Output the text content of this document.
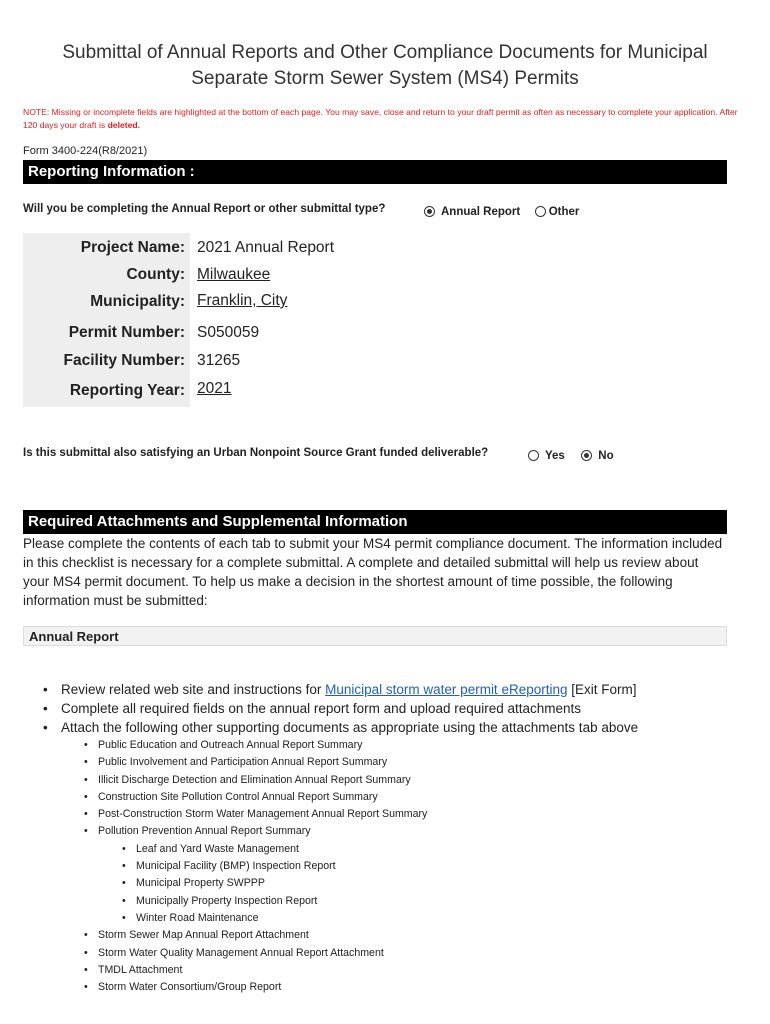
Submittal of Annual Reports and Other Compliance Documents for Municipal
Separate Storm Sewer System (MS4) Permits
NOTE: Missing or incomplete fields are highlighted at the bottom of each page. You may save, close and return to your draft permit as often as necessary to complete your application. After 120 days your draft is deleted.
Form 3400-224(R8/2021)
Reporting Information :
Will you be completing the Annual Report or other submittal type?	Annual Report Other
Project Name: 2021 Annual Report
County: Milwaukee
Municipality: Franklin, City
Permit Number: S050059
Facility Number: 31265
Reporting Year: 2021
Is this submittal also satisfying an Urban Nonpoint Source Grant funded deliverable?	Yes	No
Required Attachments and Supplemental Information
Please complete the contents of each tab to submit your MS4 permit compliance document. The information included in this checklist is necessary for a complete submittal. A complete and detailed submittal will help us review about your MS4 permit document. To help us make a decision in the shortest amount of time possible, the following information must be submitted:
Annual Report
• Review related web site and instructions for Municipal storm water permit eReporting [Exit Form]
• Complete all required fields on the annual report form and upload required attachments
• Attach the following other supporting documents as appropriate using the attachments tab above
• Public Education and Outreach Annual Report Summary
• Public Involvement and Participation Annual Report Summary
• Illicit Discharge Detection and Elimination Annual Report Summary
• Construction Site Pollution Control Annual Report Summary
• Post-Construction Storm Water Management Annual Report Summary
• Pollution Prevention Annual Report Summary
• Leaf and Yard Waste Management
• Municipal Facility (BMP) Inspection Report
• Municipal Property SWPPP
• Municipally Property Inspection Report
• Winter Road Maintenance
• Storm Sewer Map Annual Report Attachment
• Storm Water Quality Management Annual Report Attachment
• TMDL Attachment
• Storm Water Consortium/Group Report
